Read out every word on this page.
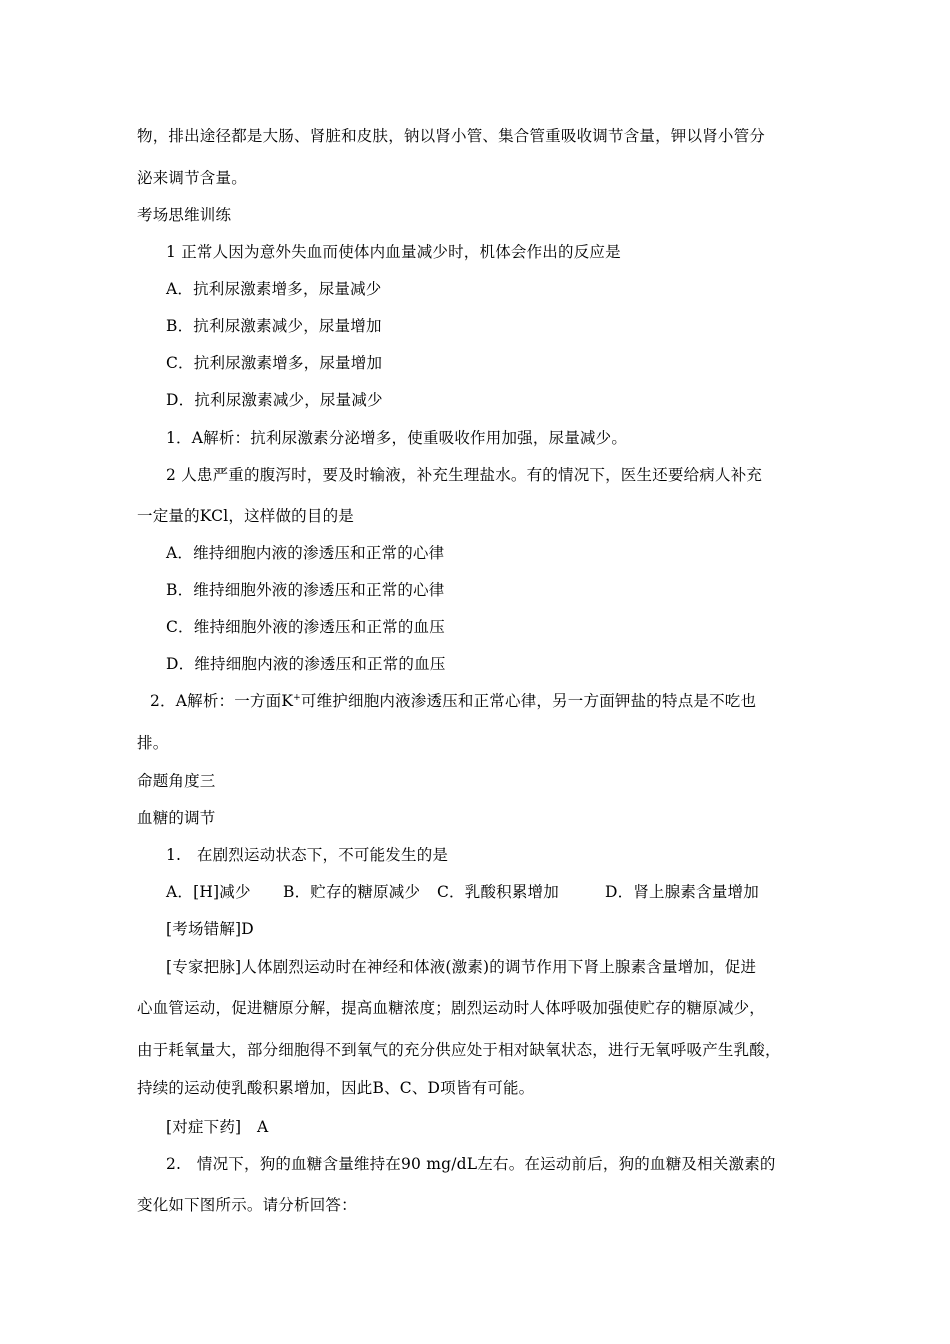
物，排出途径都是大肠、肾脏和皮肤，钠以肾小管、集合管重吸收调节含量，钾以肾小管分
泌来调节含量。
考场思维训练
1 正常人因为意外失血而使体内血量减少时，机体会作出的反应是
A．抗利尿激素增多，尿量减少
B．抗利尿激素减少，尿量增加
C．抗利尿激素增多，尿量增加
D．抗利尿激素减少，尿量减少
1．A解析：抗利尿激素分泌增多，使重吸收作用加强，尿量减少。
2 人患严重的腹泻时，要及时输液，补充生理盐水。有的情况下，医生还要给病人补充
一定量的KCl，这样做的目的是
A．维持细胞内液的渗透压和正常的心律
B．维持细胞外液的渗透压和正常的心律
C．维持细胞外液的渗透压和正常的血压
D．维持细胞内液的渗透压和正常的血压
2．A解析：一方面K+可维护细胞内液渗透压和正常心律，另一方面钾盐的特点是不吃也
排。
命题角度三
血糖的调节
1.　在剧烈运动状态下，不可能发生的是
A．[H]减少 B．贮存的糖原减少 C．乳酸积累增加	D．肾上腺素含量增加
[考场错解]D
[专家把脉]人体剧烈运动时在神经和体液(激素)的调节作用下肾上腺素含量增加，促进
心血管运动，促进糖原分解，提高血糖浓度；剧烈运动时人体呼吸加强使贮存的糖原减少，
由于耗氧量大，部分细胞得不到氧气的充分供应处于相对缺氧状态，进行无氧呼吸产生乳酸，
持续的运动使乳酸积累增加，因此B、C、D项皆有可能。
[对症下药]　A
2.　情况下，狗的血糖含量维持在90 mg/dL左右。在运动前后，狗的血糖及相关激素的
变化如下图所示。请分析回答：
